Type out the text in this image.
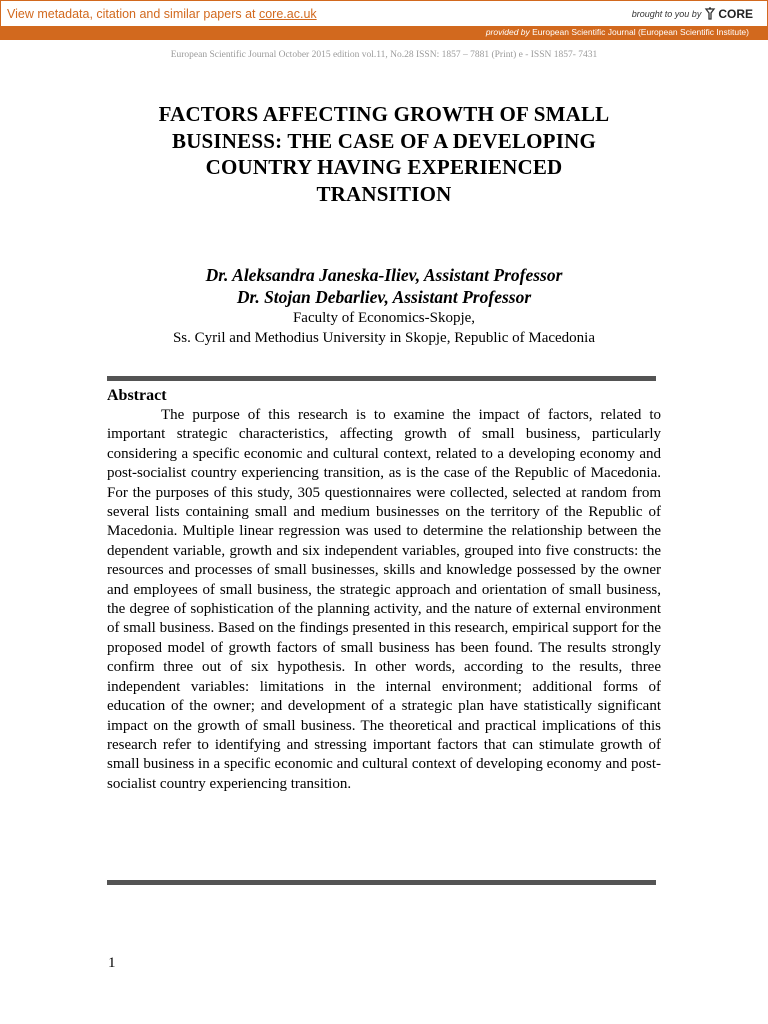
View metadata, citation and similar papers at core.ac.uk	brought to you by CORE
provided by European Scientific Journal (European Scientific Institute)
European Scientific Journal October 2015 edition vol.11, No.28 ISSN: 1857 – 7881 (Print) e - ISSN 1857- 7431
FACTORS AFFECTING GROWTH OF SMALL
BUSINESS: THE CASE OF A DEVELOPING
COUNTRY HAVING EXPERIENCED
TRANSITION
Dr. Aleksandra Janeska-Iliev, Assistant Professor
Dr. Stojan Debarliev, Assistant Professor
Faculty of Economics-Skopje,
Ss. Cyril and Methodius University in Skopje, Republic of Macedonia
Abstract

The purpose of this research is to examine the impact of factors, related to important strategic characteristics, affecting growth of small business, particularly considering a specific economic and cultural context, related to a developing economy and post-socialist country experiencing transition, as is the case of the Republic of Macedonia. For the purposes of this study, 305 questionnaires were collected, selected at random from several lists containing small and medium businesses on the territory of the Republic of Macedonia. Multiple linear regression was used to determine the relationship between the dependent variable, growth and six independent variables, grouped into five constructs: the resources and processes of small businesses, skills and knowledge possessed by the owner and employees of small business, the strategic approach and orientation of small business, the degree of sophistication of the planning activity, and the nature of external environment of small business. Based on the findings presented in this research, empirical support for the proposed model of growth factors of small business has been found. The results strongly confirm three out of six hypothesis. In other words, according to the results, three independent variables: limitations in the internal environment; additional forms of education of the owner; and development of a strategic plan have statistically significant impact on the growth of small business. The theoretical and practical implications of this research refer to identifying and stressing important factors that can stimulate growth of small business in a specific economic and cultural context of developing economy and post-socialist country experiencing transition.

1
